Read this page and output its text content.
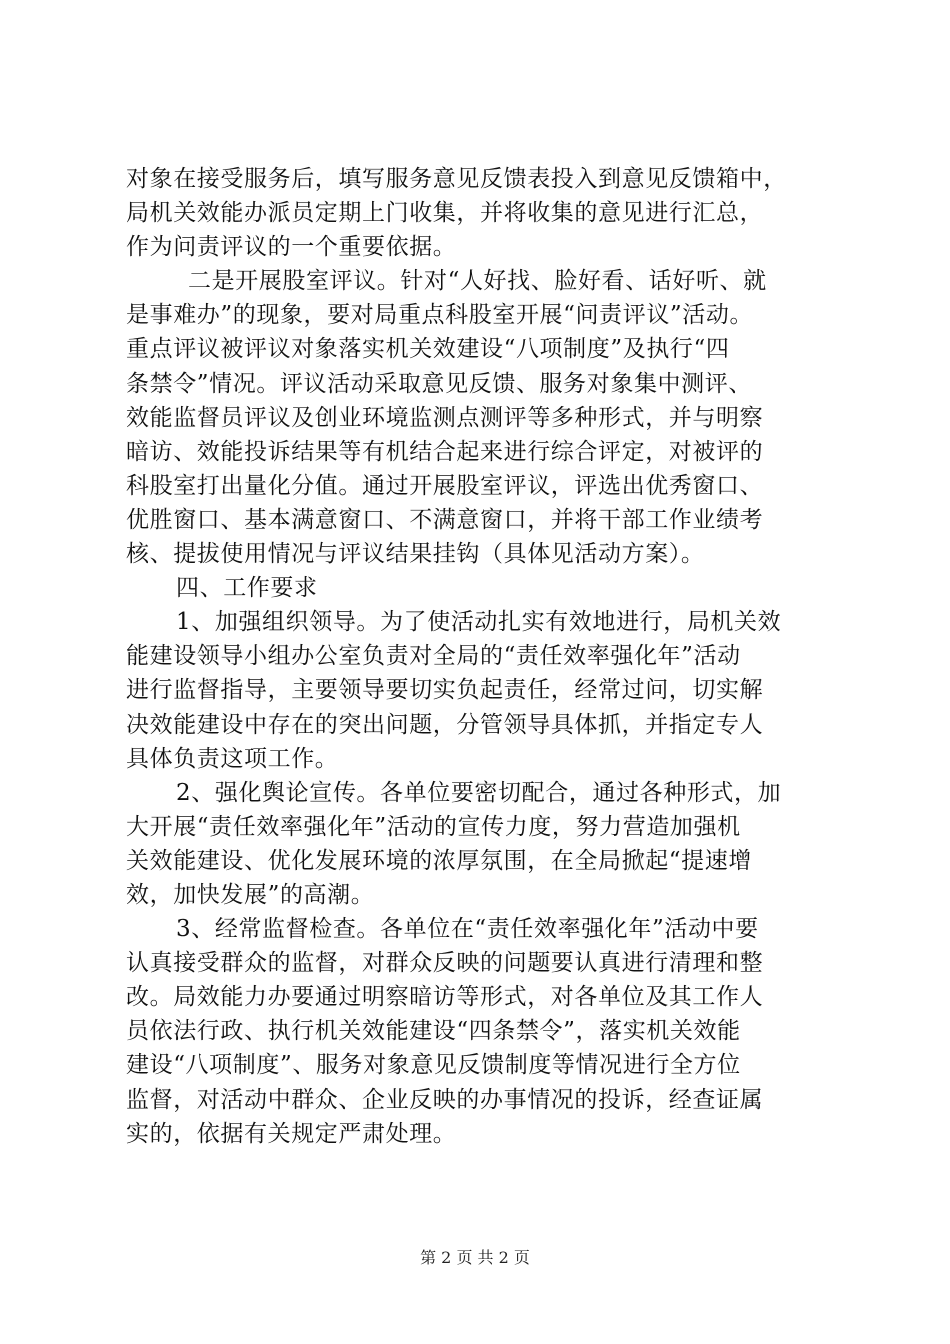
对象在接受服务后，填写服务意见反馈表投入到意见反馈箱中，
局机关效能办派员定期上门收集，并将收集的意见进行汇总，
作为问责评议的一个重要依据。
二是开展股室评议。针对“人好找、脸好看、话好听、就
是事难办”的现象，要对局重点科股室开展“问责评议”活动。
重点评议被评议对象落实机关效建设“八项制度”及执行“四
条禁令”情况。评议活动采取意见反馈、服务对象集中测评、
效能监督员评议及创业环境监测点测评等多种形式，并与明察
暗访、效能投诉结果等有机结合起来进行综合评定，对被评的
科股室打出量化分值。通过开展股室评议，评选出优秀窗口、
优胜窗口、基本满意窗口、不满意窗口，并将干部工作业绩考
核、提拔使用情况与评议结果挂钩（具体见活动方案）。
四、工作要求
1、加强组织领导。为了使活动扎实有效地进行，局机关效
能建设领导小组办公室负责对全局的“责任效率强化年”活动
进行监督指导，主要领导要切实负起责任，经常过问，切实解
决效能建设中存在的突出问题，分管领导具体抓，并指定专人
具体负责这项工作。
2、强化舆论宣传。各单位要密切配合，通过各种形式，加
大开展“责任效率强化年”活动的宣传力度，努力营造加强机
关效能建设、优化发展环境的浓厚氛围，在全局掀起“提速增
效，加快发展”的高潮。
3、经常监督检查。各单位在“责任效率强化年”活动中要
认真接受群众的监督，对群众反映的问题要认真进行清理和整
改。局效能力办要通过明察暗访等形式，对各单位及其工作人
员依法行政、执行机关效能建设“四条禁令”，落实机关效能
建设“八项制度”、服务对象意见反馈制度等情况进行全方位
监督，对活动中群众、企业反映的办事情况的投诉，经查证属
实的，依据有关规定严肃处理。
第 2 页 共 2 页
